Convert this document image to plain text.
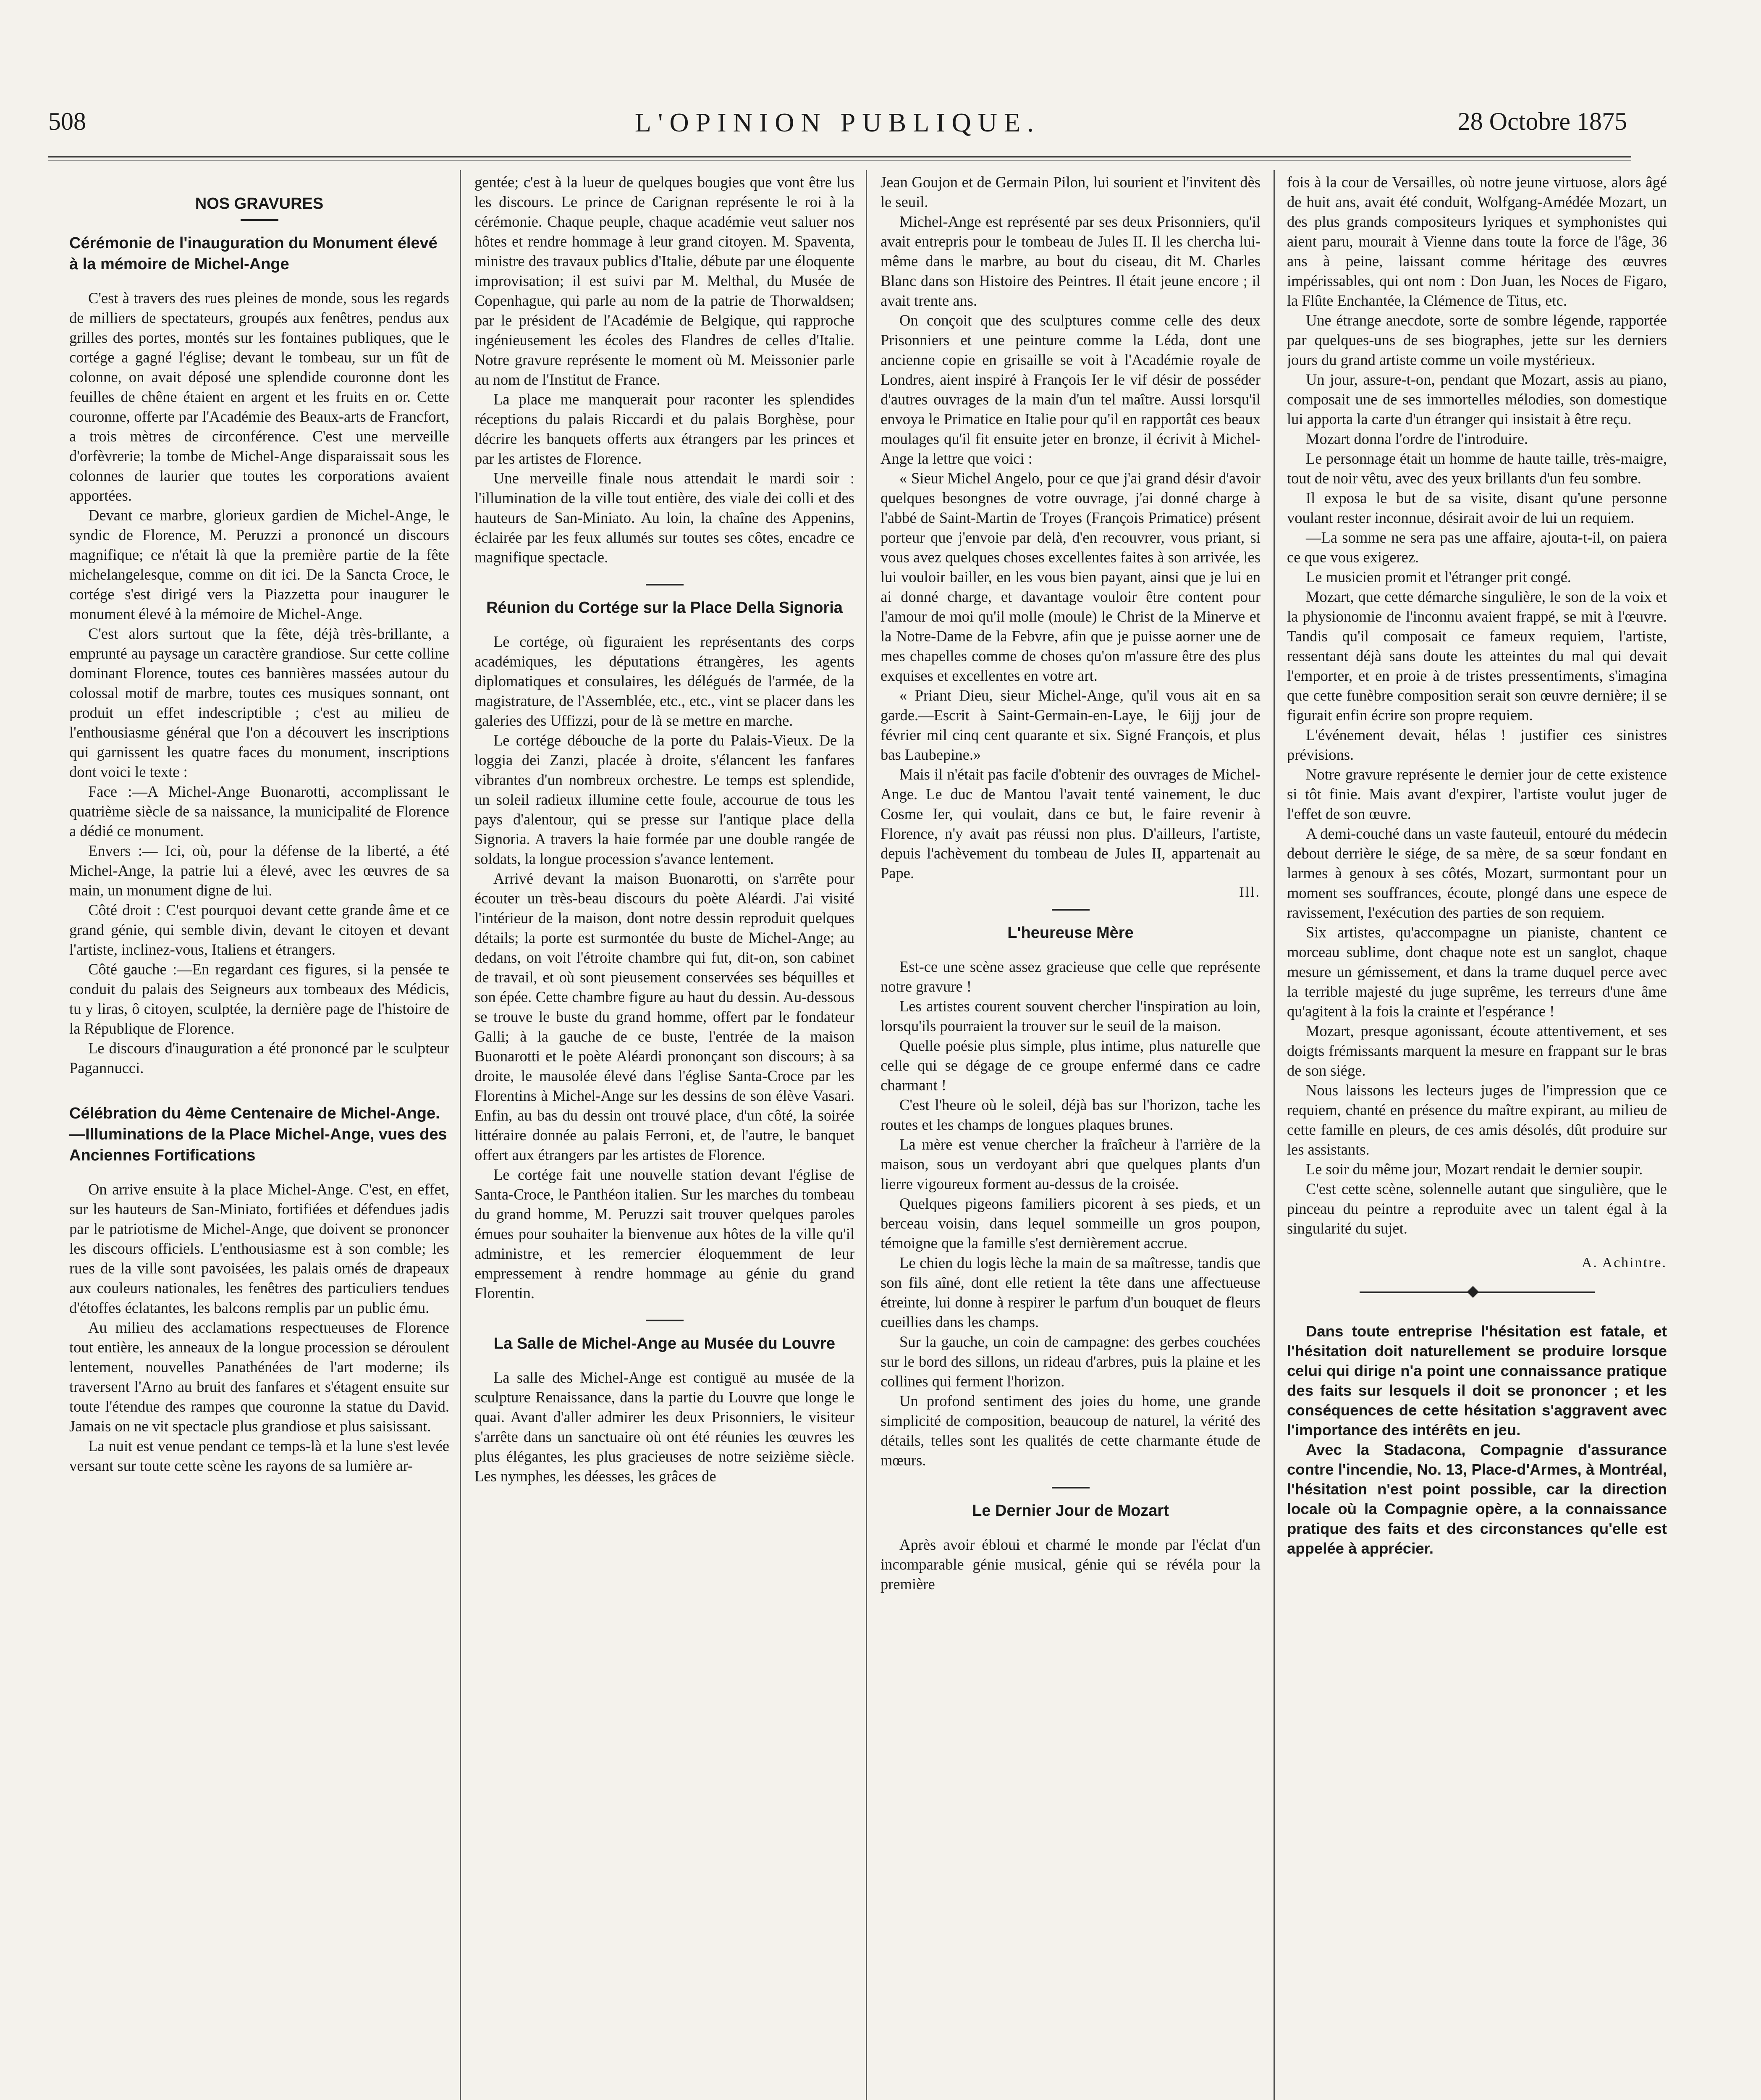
508	L'OPINION PUBLIQUE.	28 Octobre 1875
NOS GRAVURES
Cérémonie de l'inauguration du Monument élevé à la mémoire de Michel-Ange

C'est à travers des rues pleines de monde, sous les regards de milliers de spectateurs, groupés aux fenêtres, pendus aux grilles des portes, montés sur les fontaines publiques, que le cortége a gagné l'église; devant le tombeau, sur un fût de colonne, on avait déposé une splendide couronne dont les feuilles de chêne étaient en argent et les fruits en or. Cette couronne, offerte par l'Académie des Beaux-arts de Francfort, a trois mètres de circonférence. C'est une merveille d'orfèvrerie; la tombe de Michel-Ange disparaissait sous les colonnes de laurier que toutes les corporations avaient apportées.

Devant ce marbre, glorieux gardien de Michel-Ange, le syndic de Florence, M. Peruzzi a prononcé un discours magnifique; ce n'était là que la première partie de la fête michelangelesque, comme on dit ici. De la Sancta Croce, le cortége s'est dirigé vers la Piazzetta pour inaugurer le monument élevé à la mémoire de Michel-Ange.

C'est alors surtout que la fête, déjà très-brillante, a emprunté au paysage un caractère grandiose. Sur cette colline dominant Florence, toutes ces bannières massées autour du colossal motif de marbre, toutes ces musiques sonnant, ont produit un effet indescriptible ; c'est au milieu de l'enthousiasme général que l'on a découvert les inscriptions qui garnissent les quatre faces du monument, inscriptions dont voici le texte :

Face :—A Michel-Ange Buonarotti, accomplissant le quatrième siècle de sa naissance, la municipalité de Florence a dédié ce monument.

Envers :— Ici, où, pour la défense de la liberté, a été Michel-Ange, la patrie lui a élevé, avec les œuvres de sa main, un monument digne de lui.

Côté droit : C'est pourquoi devant cette grande âme et ce grand génie, qui semble divin, devant le citoyen et devant l'artiste, inclinez-vous, Italiens et étrangers.

Côté gauche :—En regardant ces figures, si la pensée te conduit du palais des Seigneurs aux tombeaux des Médicis, tu y liras, ô citoyen, sculptée, la dernière page de l'histoire de la République de Florence.

Le discours d'inauguration a été prononcé par le sculpteur Pagannucci.

Célébration du 4ème Centenaire de Michel-Ange.—Illuminations de la Place Michel-Ange, vues des Anciennes Fortifications

On arrive ensuite à la place Michel-Ange. C'est, en effet, sur les hauteurs de San-Miniato, fortifiées et défendues jadis par le patriotisme de Michel-Ange, que doivent se prononcer les discours officiels. L'enthousiasme est à son comble; les rues de la ville sont pavoisées, les palais ornés de drapeaux aux couleurs nationales, les fenêtres des particuliers tendues d'étoffes éclatantes, les balcons remplis par un public ému.

Au milieu des acclamations respectueuses de Florence tout entière, les anneaux de la longue procession se déroulent lentement, nouvelles Panathénées de l'art moderne; ils traversent l'Arno au bruit des fanfares et s'étagent ensuite sur toute l'étendue des rampes que couronne la statue du David. Jamais on ne vit spectacle plus grandiose et plus saisissant.

La nuit est venue pendant ce temps-là et la lune s'est levée versant sur toute cette scène les rayons de sa lumière ar-

gentée; c'est à la lueur de quelques bougies que vont être lus les discours. Le prince de Carignan représente le roi à la cérémonie. Chaque peuple, chaque académie veut saluer nos hôtes et rendre hommage à leur grand citoyen. M. Spaventa, ministre des travaux publics d'Italie, débute par une éloquente improvisation; il est suivi par M. Melthal, du Musée de Copenhague, qui parle au nom de la patrie de Thorwaldsen; par le président de l'Académie de Belgique, qui rapproche ingénieusement les écoles des Flandres de celles d'Italie. Notre gravure représente le moment où M. Meissonier parle au nom de l'Institut de France.

La place me manquerait pour raconter les splendides réceptions du palais Riccardi et du palais Borghèse, pour décrire les banquets offerts aux étrangers par les princes et par les artistes de Florence.

Une merveille finale nous attendait le mardi soir : l'illumination de la ville tout entière, des viale dei colli et des hauteurs de San-Miniato. Au loin, la chaîne des Appenins, éclairée par les feux allumés sur toutes ses côtes, encadre ce magnifique spectacle.

Réunion du Cortége sur la Place Della Signoria

Le cortége, où figuraient les représentants des corps académiques, les députations étrangères, les agents diplomatiques et consulaires, les délégués de l'armée, de la magistrature, de l'Assemblée, etc., etc., vint se placer dans les galeries des Uffizzi, pour de là se mettre en marche.

Le cortége débouche de la porte du Palais-Vieux. De la loggia dei Zanzi, placée à droite, s'élancent les fanfares vibrantes d'un nombreux orchestre. Le temps est splendide, un soleil radieux illumine cette foule, accourue de tous les pays d'alentour, qui se presse sur l'antique place della Signoria. A travers la haie formée par une double rangée de soldats, la longue procession s'avance lentement.

Arrivé devant la maison Buonarotti, on s'arrête pour écouter un très-beau discours du poète Aléardi. J'ai visité l'intérieur de la maison, dont notre dessin reproduit quelques détails; la porte est surmontée du buste de Michel-Ange; au dedans, on voit l'étroite chambre qui fut, dit-on, son cabinet de travail, et où sont pieusement conservées ses béquilles et son épée. Cette chambre figure au haut du dessin. Au-dessous se trouve le buste du grand homme, offert par le fondateur Galli; à la gauche de ce buste, l'entrée de la maison Buonarotti et le poète Aléardi prononçant son discours; à sa droite, le mausolée élevé dans l'église Santa-Croce par les Florentins à Michel-Ange sur les dessins de son élève Vasari. Enfin, au bas du dessin ont trouvé place, d'un côté, la soirée littéraire donnée au palais Ferroni, et, de l'autre, le banquet offert aux étrangers par les artistes de Florence.

Le cortége fait une nouvelle station devant l'église de Santa-Croce, le Panthéon italien. Sur les marches du tombeau du grand homme, M. Peruzzi sait trouver quelques paroles émues pour souhaiter la bienvenue aux hôtes de la ville qu'il administre, et les remercier éloquemment de leur empressement à rendre hommage au génie du grand Florentin.

La Salle de Michel-Ange au Musée du Louvre

La salle des Michel-Ange est contiguë au musée de la sculpture Renaissance, dans la partie du Louvre que longe le quai. Avant d'aller admirer les deux Prisonniers, le visiteur s'arrête dans un sanctuaire où ont été réunies les œuvres les plus élégantes, les plus gracieuses de notre seizième siècle. Les nymphes, les déesses, les grâces de

Jean Goujon et de Germain Pilon, lui sourient et l'invitent dès le seuil.

Michel-Ange est représenté par ses deux Prisonniers, qu'il avait entrepris pour le tombeau de Jules II. Il les chercha lui-même dans le marbre, au bout du ciseau, dit M. Charles Blanc dans son Histoire des Peintres. Il était jeune encore ; il avait trente ans.

On conçoit que des sculptures comme celle des deux Prisonniers et une peinture comme la Léda, dont une ancienne copie en grisaille se voit à l'Académie royale de Londres, aient inspiré à François Ier le vif désir de posséder d'autres ouvrages de la main d'un tel maître. Aussi lorsqu'il envoya le Primatice en Italie pour qu'il en rapportât ces beaux moulages qu'il fit ensuite jeter en bronze, il écrivit à Michel-Ange la lettre que voici :

« Sieur Michel Angelo, pour ce que j'ai grand désir d'avoir quelques besongnes de votre ouvrage, j'ai donné charge à l'abbé de Saint-Martin de Troyes (François Primatice) présent porteur que j'envoie par delà, d'en recouvrer, vous priant, si vous avez quelques choses excellentes faites à son arrivée, les lui vouloir bailler, en les vous bien payant, ainsi que je lui en ai donné charge, et davantage vouloir être content pour l'amour de moi qu'il molle (moule) le Christ de la Minerve et la Notre-Dame de la Febvre, afin que je puisse aorner une de mes chapelles comme de choses qu'on m'assure être des plus exquises et excellentes en votre art.

« Priant Dieu, sieur Michel-Ange, qu'il vous ait en sa garde.—Escrit à Saint-Germain-en-Laye, le 6ijj jour de février mil cinq cent quarante et six. Signé François, et plus bas Laubepine.»

Mais il n'était pas facile d'obtenir des ouvrages de Michel-Ange. Le duc de Mantou l'avait tenté vainement, le duc Cosme Ier, qui voulait, dans ce but, le faire revenir à Florence, n'y avait pas réussi non plus. D'ailleurs, l'artiste, depuis l'achèvement du tombeau de Jules II, appartenait au Pape.

Ill.
L'heureuse Mère

Est-ce une scène assez gracieuse que celle que représente notre gravure !

Les artistes courent souvent chercher l'inspiration au loin, lorsqu'ils pourraient la trouver sur le seuil de la maison.

Quelle poésie plus simple, plus intime, plus naturelle que celle qui se dégage de ce groupe enfermé dans ce cadre charmant !

C'est l'heure où le soleil, déjà bas sur l'horizon, tache les routes et les champs de longues plaques brunes.

La mère est venue chercher la fraîcheur à l'arrière de la maison, sous un verdoyant abri que quelques plants d'un lierre vigoureux forment au-dessus de la croisée.

Quelques pigeons familiers picorent à ses pieds, et un berceau voisin, dans lequel sommeille un gros poupon, témoigne que la famille s'est dernièrement accrue.

Le chien du logis lèche la main de sa maîtresse, tandis que son fils aîné, dont elle retient la tête dans une affectueuse étreinte, lui donne à respirer le parfum d'un bouquet de fleurs cueillies dans les champs.

Sur la gauche, un coin de campagne: des gerbes couchées sur le bord des sillons, un rideau d'arbres, puis la plaine et les collines qui ferment l'horizon.

Un profond sentiment des joies du home, une grande simplicité de composition, beaucoup de naturel, la vérité des détails, telles sont les qualités de cette charmante étude de mœurs.

Le Dernier Jour de Mozart

Après avoir ébloui et charmé le monde par l'éclat d'un incomparable génie musical, génie qui se révéla pour la première

fois à la cour de Versailles, où notre jeune virtuose, alors âgé de huit ans, avait été conduit, Wolfgang-Amédée Mozart, un des plus grands compositeurs lyriques et symphonistes qui aient paru, mourait à Vienne dans toute la force de l'âge, 36 ans à peine, laissant comme héritage des œuvres impérissables, qui ont nom : Don Juan, les Noces de Figaro, la Flûte Enchantée, la Clémence de Titus, etc.

Une étrange anecdote, sorte de sombre légende, rapportée par quelques-uns de ses biographes, jette sur les derniers jours du grand artiste comme un voile mystérieux.

Un jour, assure-t-on, pendant que Mozart, assis au piano, composait une de ses immortelles mélodies, son domestique lui apporta la carte d'un étranger qui insistait à être reçu.

Mozart donna l'ordre de l'introduire.

Le personnage était un homme de haute taille, très-maigre, tout de noir vêtu, avec des yeux brillants d'un feu sombre.

Il exposa le but de sa visite, disant qu'une personne voulant rester inconnue, désirait avoir de lui un requiem.

—La somme ne sera pas une affaire, ajouta-t-il, on paiera ce que vous exigerez.

Le musicien promit et l'étranger prit congé.

Mozart, que cette démarche singulière, le son de la voix et la physionomie de l'inconnu avaient frappé, se mit à l'œuvre. Tandis qu'il composait ce fameux requiem, l'artiste, ressentant déjà sans doute les atteintes du mal qui devait l'emporter, et en proie à de tristes pressentiments, s'imagina que cette funèbre composition serait son œuvre dernière; il se figurait enfin écrire son propre requiem.

L'événement devait, hélas ! justifier ces sinistres prévisions.

Notre gravure représente le dernier jour de cette existence si tôt finie. Mais avant d'expirer, l'artiste voulut juger de l'effet de son œuvre.

A demi-couché dans un vaste fauteuil, entouré du médecin debout derrière le siége, de sa mère, de sa sœur fondant en larmes à genoux à ses côtés, Mozart, surmontant pour un moment ses souffrances, écoute, plongé dans une espece de ravissement, l'exécution des parties de son requiem.

Six artistes, qu'accompagne un pianiste, chantent ce morceau sublime, dont chaque note est un sanglot, chaque mesure un gémissement, et dans la trame duquel perce avec la terrible majesté du juge suprême, les terreurs d'une âme qu'agitent à la fois la crainte et l'espérance !

Mozart, presque agonissant, écoute attentivement, et ses doigts frémissants marquent la mesure en frappant sur le bras de son siége.

Nous laissons les lecteurs juges de l'impression que ce requiem, chanté en présence du maître expirant, au milieu de cette famille en pleurs, de ces amis désolés, dût produire sur les assistants.

Le soir du même jour, Mozart rendait le dernier soupir.

C'est cette scène, solennelle autant que singulière, que le pinceau du peintre a reproduite avec un talent égal à la singularité du sujet.

A. Achintre.

Dans toute entreprise l'hésitation est fatale, et l'hésitation doit naturellement se produire lorsque celui qui dirige n'a point une connaissance pratique des faits sur lesquels il doit se prononcer ; et les conséquences de cette hésitation s'aggravent avec l'importance des intérêts en jeu.

Avec la Stadacona, Compagnie d'assurance contre l'incendie, No. 13, Place-d'Armes, à Montréal, l'hésitation n'est point possible, car la direction locale où la Compagnie opère, a la connaissance pratique des faits et des circonstances qu'elle est appelée à apprécier.
